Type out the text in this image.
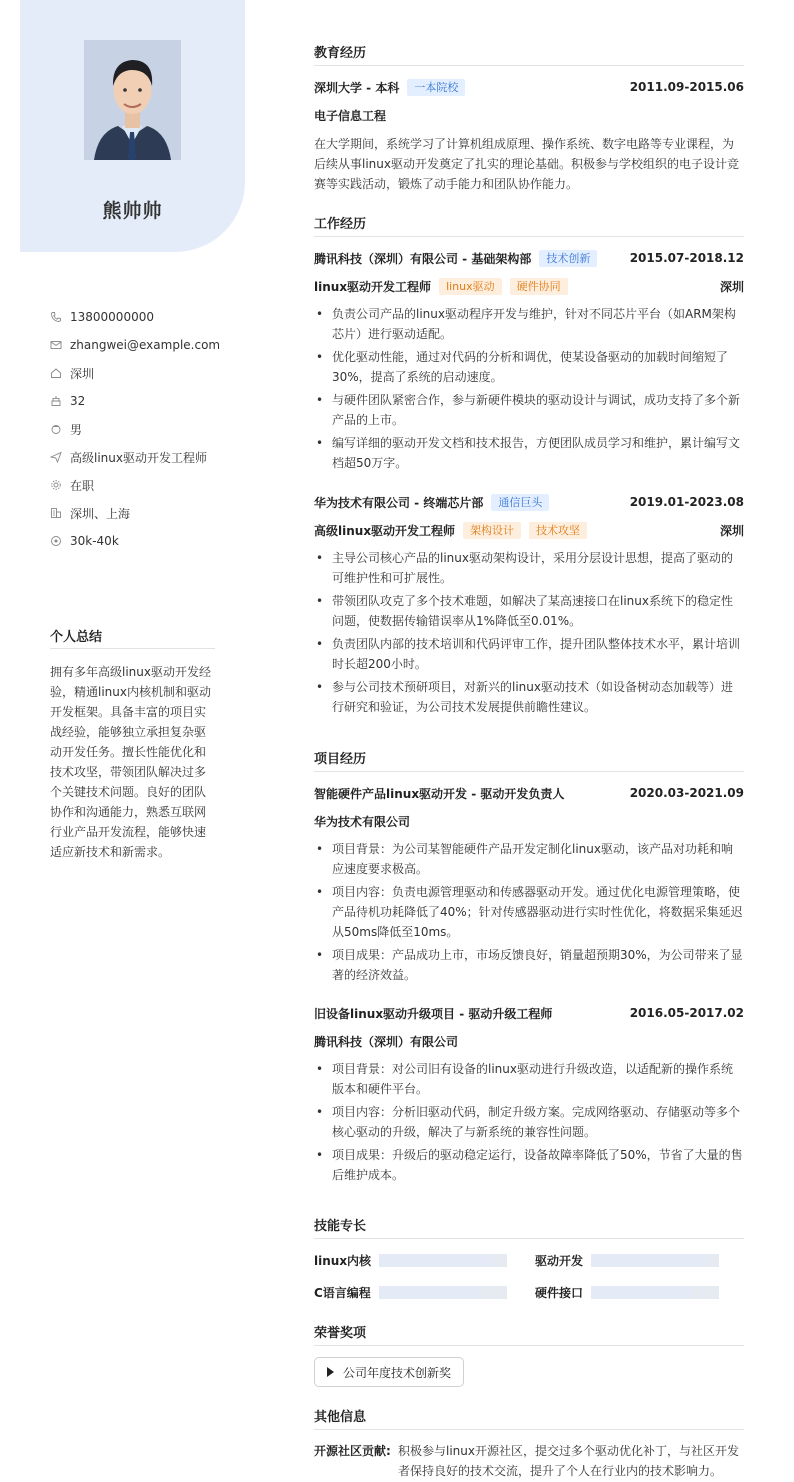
熊帅帅
13800000000
zhangwei@example.com
深圳
32
男
高级linux驱动开发工程师
在职
深圳、上海
30k-40k
个人总结
拥有多年高级linux驱动开发经验，精通linux内核机制和驱动开发框架。具备丰富的项目实战经验，能够独立承担复杂驱动开发任务。擅长性能优化和技术攻坚，带领团队解决过多个关键技术问题。良好的团队协作和沟通能力，熟悉互联网行业产品开发流程，能够快速适应新技术和新需求。
教育经历
深圳大学 - 本科	一本院校	2011.09-2015.06
电子信息工程
在大学期间，系统学习了计算机组成原理、操作系统、数字电路等专业课程，为后续从事linux驱动开发奠定了扎实的理论基础。积极参与学校组织的电子设计竞赛等实践活动，锻炼了动手能力和团队协作能力。
工作经历
腾讯科技（深圳）有限公司 - 基础架构部	技术创新	2015.07-2018.12
linux驱动开发工程师	linux驱动	硬件协同	深圳
• 负责公司产品的linux驱动程序开发与维护，针对不同芯片平台（如ARM架构芯片）进行驱动适配。
• 优化驱动性能，通过对代码的分析和调优，使某设备驱动的加载时间缩短了30%，提高了系统的启动速度。
• 与硬件团队紧密合作，参与新硬件模块的驱动设计与调试，成功支持了多个新产品的上市。
• 编写详细的驱动开发文档和技术报告，方便团队成员学习和维护，累计编写文档超50万字。
华为技术有限公司 - 终端芯片部	通信巨头	2019.01-2023.08
高级linux驱动开发工程师	架构设计	技术攻坚	深圳
• 主导公司核心产品的linux驱动架构设计，采用分层设计思想，提高了驱动的可维护性和可扩展性。
• 带领团队攻克了多个技术难题，如解决了某高速接口在linux系统下的稳定性问题，使数据传输错误率从1%降低至0.01%。
• 负责团队内部的技术培训和代码评审工作，提升团队整体技术水平，累计培训时长超200小时。
• 参与公司技术预研项目，对新兴的linux驱动技术（如设备树动态加载等）进行研究和验证，为公司技术发展提供前瞻性建议。
项目经历
智能硬件产品linux驱动开发 - 驱动开发负责人	2020.03-2021.09
华为技术有限公司
• 项目背景：为公司某智能硬件产品开发定制化linux驱动，该产品对功耗和响应速度要求极高。
• 项目内容：负责电源管理驱动和传感器驱动开发。通过优化电源管理策略，使产品待机功耗降低了40%；针对传感器驱动进行实时性优化，将数据采集延迟从50ms降低至10ms。
• 项目成果：产品成功上市，市场反馈良好，销量超预期30%，为公司带来了显著的经济效益。
旧设备linux驱动升级项目 - 驱动升级工程师	2016.05-2017.02
腾讯科技（深圳）有限公司
• 项目背景：对公司旧有设备的linux驱动进行升级改造，以适配新的操作系统版本和硬件平台。
• 项目内容：分析旧驱动代码，制定升级方案。完成网络驱动、存储驱动等多个核心驱动的升级，解决了与新系统的兼容性问题。
• 项目成果：升级后的驱动稳定运行，设备故障率降低了50%，节省了大量的售后维护成本。
技能专长
linux内核	驱动开发
C语言编程	硬件接口
荣誉奖项
公司年度技术创新奖
其他信息
开源社区贡献: 积极参与linux开源社区，提交过多个驱动优化补丁，与社区开发者保持良好的技术交流，提升了个人在行业内的技术影响力。
